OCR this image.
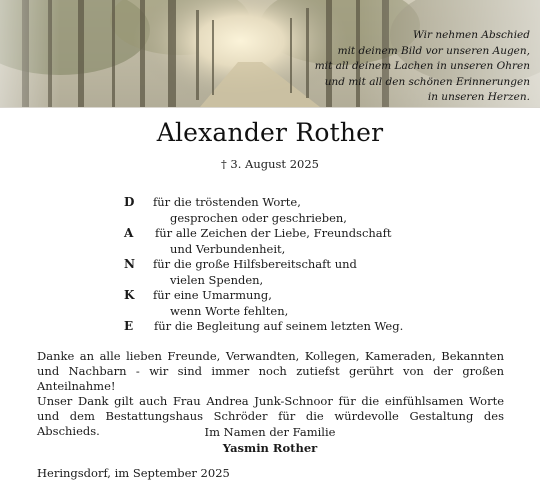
Wir nehmen Abschied
mit deinem Bild vor unseren Augen,
mit all deinem Lachen in unseren Ohren
und mit all den schönen Erinnerungen
in unseren Herzen.
Alexander Rother
† 3. August 2025
D für die tröstenden Worte,
gesprochen oder geschrieben,
A für alle Zeichen der Liebe, Freundschaft
und Verbundenheit,
N für die große Hilfsbereitschaft und
vielen Spenden,
K für eine Umarmung,
wenn Worte fehlten,
E für die Begleitung auf seinem letzten Weg.
Danke an alle lieben Freunde, Verwandten, Kollegen, Kameraden, Bekannten und Nachbarn - wir sind immer noch zutiefst gerührt von der großen Anteilnahme!
Unser Dank gilt auch Frau Andrea Junk-Schnoor für die einfühlsamen Worte und dem Bestattungshaus Schröder für die würdevolle Gestaltung des Abschieds.	Im Namen der Familie
Yasmin Rother
Heringsdorf, im September 2025
